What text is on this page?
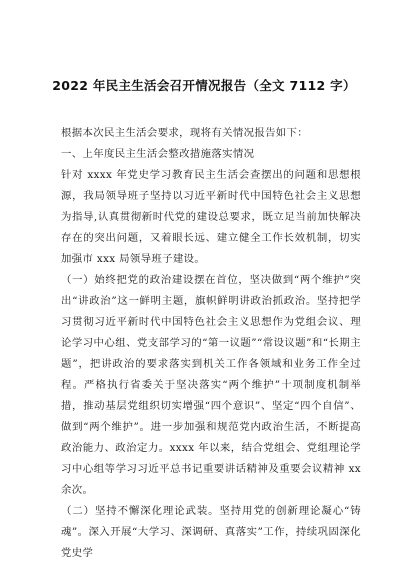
2022 年民主生活会召开情况报告（全文 7112 字）

根据本次民主生活会要求，现将有关情况报告如下：

一、上年度民主生活会整改措施落实情况

针对 xxxx 年党史学习教育民主生活会查摆出的问题和思想根源，我局领导班子坚持以习近平新时代中国特色社会主义思想为指导,认真贯彻新时代党的建设总要求，既立足当前加快解决存在的突出问题，又着眼长远、建立健全工作长效机制，切实加强市 xxx 局领导班子建设。

（一）始终把党的政治建设摆在首位，坚决做到“两个维护”突出“讲政治”这一鲜明主题，旗帜鲜明讲政治抓政治。坚持把学习贯彻习近平新时代中国特色社会主义思想作为党组会议、理论学习中心组、党支部学习的“第一议题”“常设议题”和“长期主题”，把讲政治的要求落实到机关工作各领域和业务工作全过程。严格执行省委关于坚决落实“两个维护”十项制度机制举措，推动基层党组织切实增强“四个意识”、坚定“四个自信”、做到“两个维护”。进一步加强和规范党内政治生活，不断提高政治能力、政治定力。xxxx 年以来，结合党组会、党组理论学习中心组等学习习近平总书记重要讲话精神及重要会议精神 xx 余次。

（二）坚持不懈深化理论武装。坚持用党的创新理论凝心“铸魂”。深入开展“大学习、深调研、真落实”工作，持续巩固深化党史学
